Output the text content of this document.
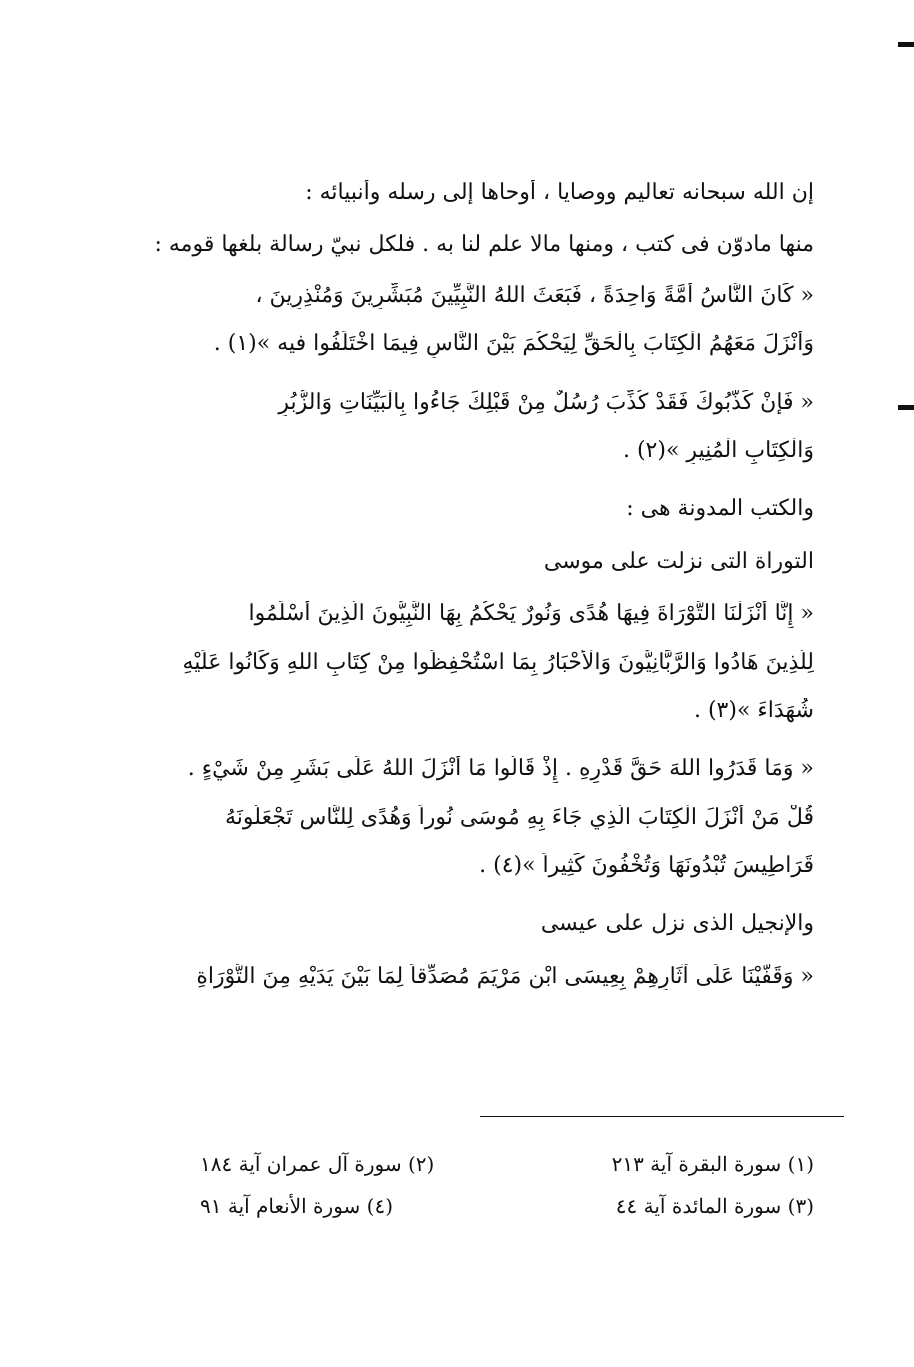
إن الله سبحانه تعاليم ووصايا ، أوحاها إلى رسله وأنبيائه :
منها مادوّن فى كتب ، ومنها مالا علم لنا به . فلكل نبيّ رسالة بلغها قومه :
« كَانَ النَّاسُ أُمَّةً وَاحِدَةً ، فَبَعَثَ اللهُ النَّبِيِّينَ مُبَشِّرِينَ وَمُنْذِرِينَ ،
وَأَنْزَلَ مَعَهُمُ الْكِتَابَ بِالْحَقِّ لِيَحْكُمَ بَيْنَ النَّاسِ فِيمَا اخْتَلَفُوا فيه »(١) .
« فَإِنْ كَذَّبُوكَ فَقَدْ كُذِّبَ رُسُلٌ مِنْ قَبْلِكَ جَاءُوا بِالْبَيِّنَاتِ وَالزُّبُرِ
وَالْكِتَابِ الْمُنِيرِ »(٢) .
والكتب المدونة هى :
التوراة التى نزلت على موسى
« إِنَّا أَنْزَلْنَا التَّوْرَاةَ فِيهَا هُدًى وَنُورٌ يَحْكُمُ بِهَا النَّبِيُّونَ الَّذِينَ أَسْلَمُوا
لِلَّذِينَ هَادُوا وَالرَّبَّانِيُّونَ وَالْأَحْبَارُ بِمَا اسْتُحْفِظُوا مِنْ كِتَابِ اللهِ وَكَانُوا عَلَيْهِ
شُهَدَاءَ »(٣) .
« وَمَا قَدَرُوا اللهَ حَقَّ قَدْرِهِ . إِذْ قَالُوا مَا أَنْزَلَ اللهُ عَلَى بَشَرٍ مِنْ شَيْءٍ .
قُلْ مَنْ أَنْزَلَ الْكِتَابَ الَّذِي جَاءَ بِهِ مُوسَى نُوراً وَهُدًى لِلنَّاسِ تَجْعَلُونَهُ
قَرَاطِيسَ تُبْدُونَهَا وَتُخْفُونَ كَثِيراً »(٤) .
والإنجيل الذى نزل على عيسى
« وَقَفَّيْنَا عَلَى آثَارِهِمْ بِعِيسَى ابْنِ مَرْيَمَ مُصَدِّقاً لِمَا بَيْنَ يَدَيْهِ مِنَ التَّوْرَاةِ
(١) سورة البقرة آية ٢١٣
(٢) سورة آل عمران آية ١٨٤
(٣) سورة المائدة آية ٤٤
(٤) سورة الأنعام آية ٩١
